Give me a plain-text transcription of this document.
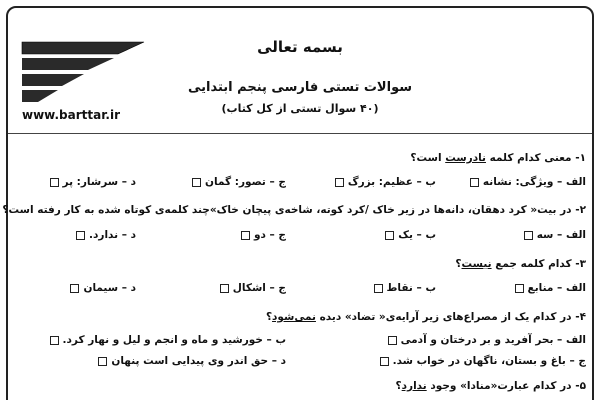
www.barttar.ir
بسمه تعالی
سوالات تستی فارسی پنجم ابتدایی
(۴۰ سوال تستی از کل کتاب)
۱- معنی کدام کلمه نادرست است؟
الف – ویژگی: نشانه
ب – عظیم: بزرگ
ج – تصور: گمان
د – سرشار: پر
۲- در بیت« کرد دهقان، دانه‌ها در زیر خاک /کرد کوته، شاخه‌ی پیچان خاک»چند کلمه‌ی کوتاه شده به کار رفته است؟
الف – سه
ب – یک
ج – دو
د – ندارد.
۳- کدام کلمه جمع نیست؟
الف – منابع
ب – نقاط
ج – اشکال
د – سیمان
۴- در کدام یک از مصراع‌های زیر آرایه‌ی« تضاد» دیده نمی‌شود؟
الف – بحر آفرید و بر درختان و آدمی
ب – خورشید و ماه و انجم و لیل و نهار کرد.
ج – باغ و بستان، ناگهان در خواب شد.
د – حق اندر وی پیدایی است پنهان
۵- در کدام عبارت«منادا» وجود ندارد؟
